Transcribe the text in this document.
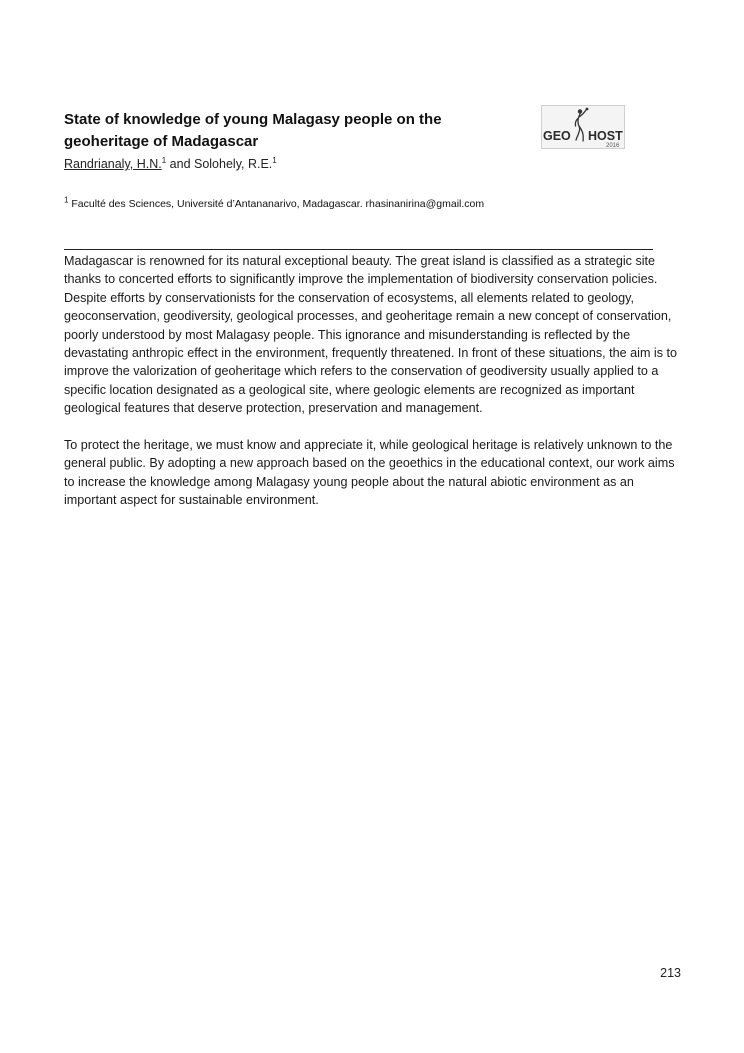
State of knowledge of young Malagasy people on the geoheritage of Madagascar
Randrianaly, H.N.$^1$ and Solohely, R.E.$^1$
$^1$ Faculté des Sciences, Université d’Antananarivo, Madagascar. rhasinanirina@gmail.com
GEO HOST
2016

Madagascar is renowned for its natural exceptional beauty. The great island is classified as a strategic site thanks to concerted efforts to significantly improve the implementation of biodiversity conservation policies. Despite efforts by conservationists for the conservation of ecosystems, all elements related to geology, geoconservation, geodiversity, geological processes, and geoheritage remain a new concept of conservation, poorly understood by most Malagasy people. This ignorance and misunderstanding is reflected by the devastating anthropic effect in the environment, frequently threatened. In front of these situations, the aim is to improve the valorization of geoheritage which refers to the conservation of geodiversity usually applied to a specific location designated as a geological site, where geologic elements are recognized as important geological features that deserve protection, preservation and management.

To protect the heritage, we must know and appreciate it, while geological heritage is relatively unknown to the general public. By adopting a new approach based on the geoethics in the educational context, our work aims to increase the knowledge among Malagasy young people about the natural abiotic environment as an important aspect for sustainable environment.

213
